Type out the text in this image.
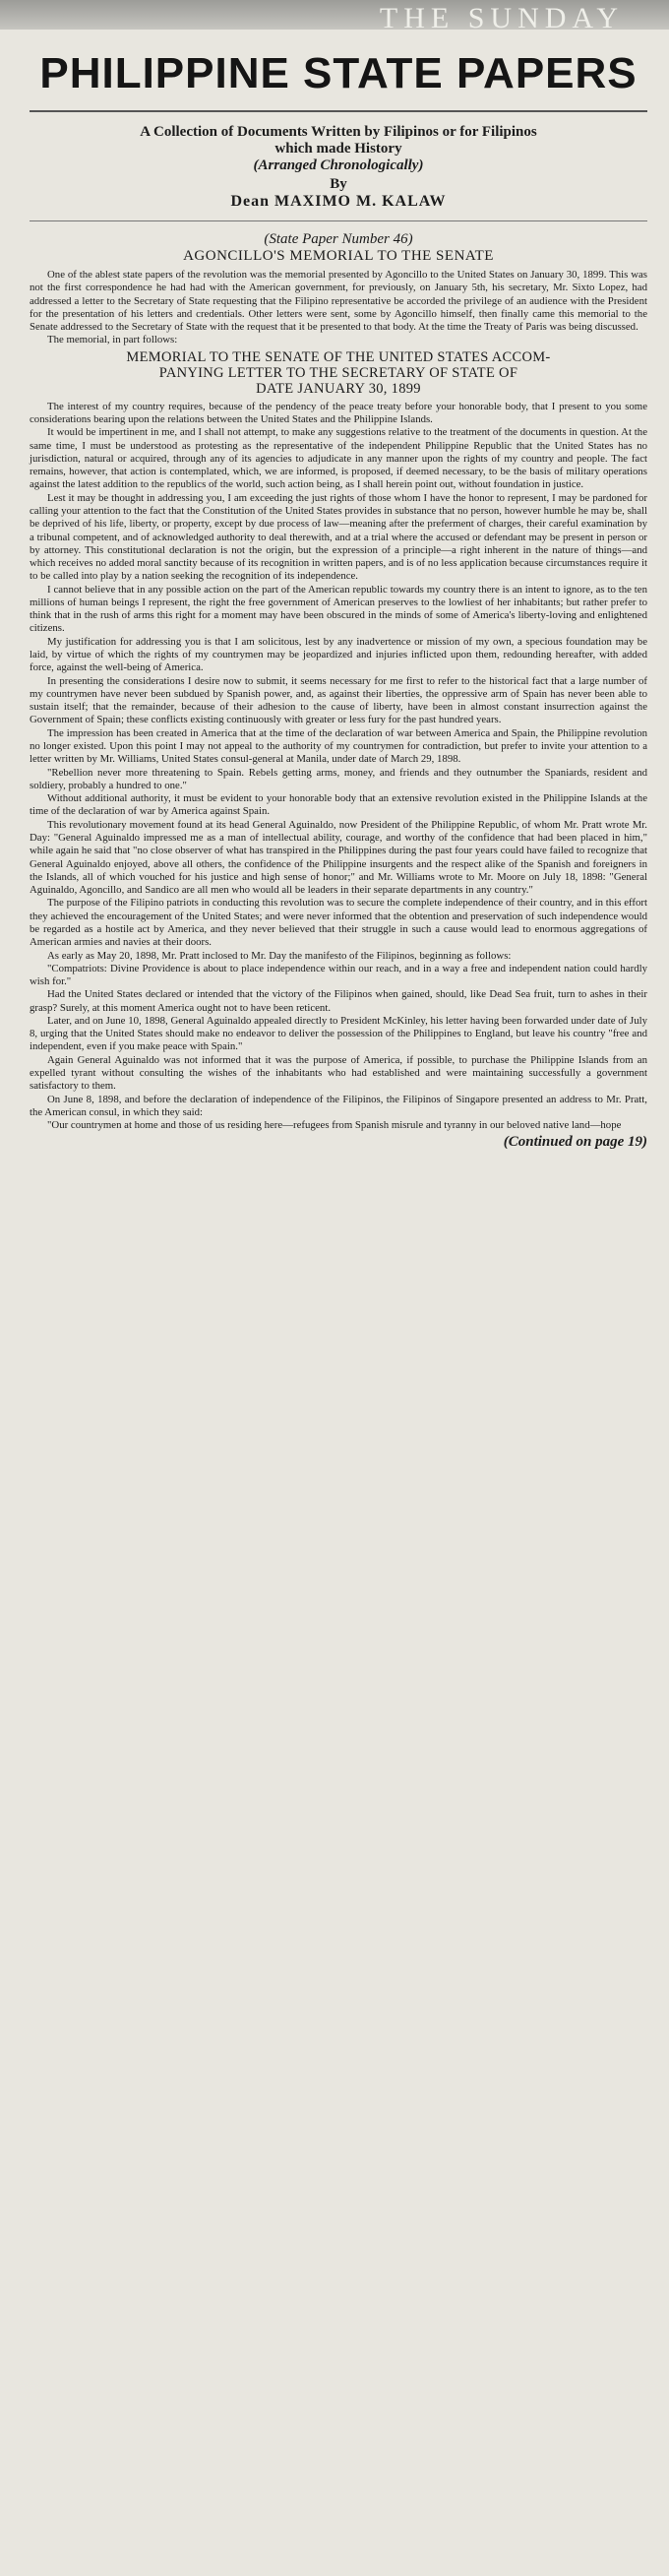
THE SUNDAY
PHILIPPINE STATE PAPERS
A Collection of Documents Written by Filipinos or for Filipinos
which made History
(Arranged Chronologically)
By
Dean MAXIMO M. KALAW
(State Paper Number 46)
AGONCILLO'S MEMORIAL TO THE SENATE

One of the ablest state papers of the revolution was the memorial presented by Agoncillo to the United States on January 30, 1899. This was not the first correspondence he had had with the American government, for previously, on January 5th, his secretary, Mr. Sixto Lopez, had addressed a letter to the Secretary of State requesting that the Filipino representative be accorded the privilege of an audience with the President for the presentation of his letters and credentials. Other letters were sent, some by Agoncillo himself, then finally came this memorial to the Senate addressed to the Secretary of State with the request that it be presented to that body. At the time the Treaty of Paris was being discussed.

The memorial, in part follows:

MEMORIAL TO THE SENATE OF THE UNITED STATES ACCOM-
PANYING LETTER TO THE SECRETARY OF STATE OF
DATE JANUARY 30, 1899

The interest of my country requires, because of the pendency of the peace treaty before your honorable body, that I present to you some considerations bearing upon the relations between the United States and the Philippine Islands.

It would be impertinent in me, and I shall not attempt, to make any suggestions relative to the treatment of the documents in question. At the same time, I must be understood as protesting as the representative of the independent Philippine Republic that the United States has no jurisdiction, natural or acquired, through any of its agencies to adjudicate in any manner upon the rights of my country and people. The fact remains, however, that action is contemplated, which, we are informed, is proposed, if deemed necessary, to be the basis of military operations against the latest addition to the republics of the world, such action being, as I shall herein point out, without foundation in justice.

Lest it may be thought in addressing you, I am exceeding the just rights of those whom I have the honor to represent, I may be pardoned for calling your attention to the fact that the Constitution of the United States provides in substance that no person, however humble he may be, shall be deprived of his life, liberty, or property, except by due process of law—meaning after the preferment of charges, their careful examination by a tribunal competent, and of acknowledged authority to deal therewith, and at a trial where the accused or defendant may be present in person or by attorney. This constitutional declaration is not the origin, but the expression of a principle—a right inherent in the nature of things—and which receives no added moral sanctity because of its recognition in written papers, and is of no less application because circumstances require it to be called into play by a nation seeking the recognition of its independence.

I cannot believe that in any possible action on the part of the American republic towards my country there is an intent to ignore, as to the ten millions of human beings I represent, the right the free government of American preserves to the lowliest of her inhabitants; but rather prefer to think that in the rush of arms this right for a moment may have been obscured in the minds of some of America's liberty-loving and enlightened citizens.

My justification for addressing you is that I am solicitous, lest by any inadvertence or mission of my own, a specious foundation may be laid, by virtue of which the rights of my countrymen may be jeopardized and injuries inflicted upon them, redounding hereafter, with added force, against the well-being of America.

In presenting the considerations I desire now to submit, it seems necessary for me first to refer to the historical fact that a large number of my countrymen have never been subdued by Spanish power, and, as against their liberties, the oppressive arm of Spain has never been able to sustain itself; that the remainder, because of their adhesion to the cause of liberty, have been in almost constant insurrection against the Government of Spain; these conflicts existing continuously with greater or less fury for the past hundred years.

The impression has been created in America that at the time of the declaration of war between America and Spain, the Philippine revolution no longer existed. Upon this point I may not appeal to the authority of my countrymen for contradiction, but prefer to invite your attention to a letter written by Mr. Williams, United States consul-general at Manila, under date of March 29, 1898.

"Rebellion never more threatening to Spain. Rebels getting arms, money, and friends and they outnumber the Spaniards, resident and soldiery, probably a hundred to one."

Without additional authority, it must be evident to your honorable body that an extensive revolution existed in the Philippine Islands at the time of the declaration of war by America against Spain.

This revolutionary movement found at its head General Aguinaldo, now President of the Philippine Republic, of whom Mr. Pratt wrote Mr. Day: "General Aguinaldo impressed me as a man of intellectual ability, courage, and worthy of the confidence that had been placed in him," while again he said that "no close observer of what has transpired in the Philippines during the past four years could have failed to recognize that General Aguinaldo enjoyed, above all others, the confidence of the Philippine insurgents and the respect alike of the Spanish and foreigners in the Islands, all of which vouched for his justice and high sense of honor;" and Mr. Williams wrote to Mr. Moore on July 18, 1898: "General Aguinaldo, Agoncillo, and Sandico are all men who would all be leaders in their separate departments in any country."

The purpose of the Filipino patriots in conducting this revolution was to secure the complete independence of their country, and in this effort they achieved the encouragement of the United States; and were never informed that the obtention and preservation of such independence would be regarded as a hostile act by America, and they never believed that their struggle in such a cause would lead to enormous aggregations of American armies and navies at their doors.

As early as May 20, 1898, Mr. Pratt inclosed to Mr. Day the manifesto of the Filipinos, beginning as follows:

"Compatriots: Divine Providence is about to place independence within our reach, and in a way a free and independent nation could hardly wish for."

Had the United States declared or intended that the victory of the Filipinos when gained, should, like Dead Sea fruit, turn to ashes in their grasp? Surely, at this moment America ought not to have been reticent.

Later, and on June 10, 1898, General Aguinaldo appealed directly to President McKinley, his letter having been forwarded under date of July 8, urging that the United States should make no endeavor to deliver the possession of the Philippines to England, but leave his country "free and independent, even if you make peace with Spain."

Again General Aguinaldo was not informed that it was the purpose of America, if possible, to purchase the Philippine Islands from an expelled tyrant without consulting the wishes of the inhabitants who had established and were maintaining successfully a government satisfactory to them.

On June 8, 1898, and before the declaration of independence of the Filipinos, the Filipinos of Singapore presented an address to Mr. Pratt, the American consul, in which they said:

"Our countrymen at home and those of us residing here—refugees from Spanish misrule and tyranny in our beloved native land—hope

(Continued on page 19)
